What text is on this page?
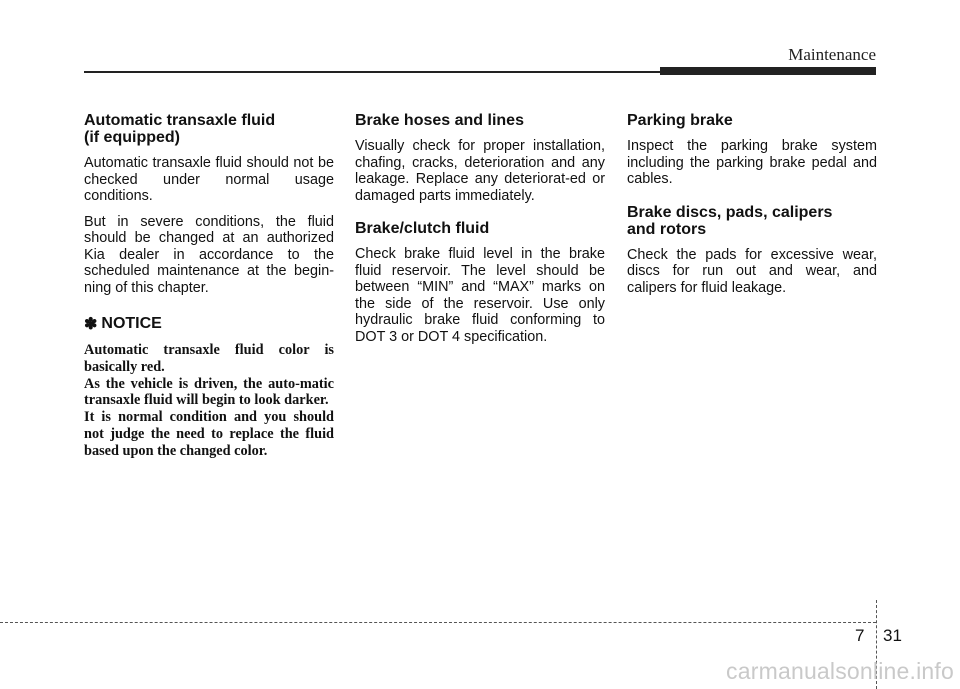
Maintenance
Automatic transaxle fluid
(if equipped)

Automatic transaxle fluid should not be checked under normal usage conditions.

But in severe conditions, the fluid should be changed at an authorized Kia dealer in accordance to the scheduled maintenance at the begin-ning of this chapter.

✽ NOTICE

Automatic transaxle fluid color is basically red.
As the vehicle is driven, the auto-matic transaxle fluid will begin to look darker.
It is normal condition and you should not judge the need to replace the fluid based upon the changed color.

Brake hoses and lines

Visually check for proper installation, chafing, cracks, deterioration and any leakage. Replace any deteriorat-ed or damaged parts immediately.

Brake/clutch fluid

Check brake fluid level in the brake fluid reservoir. The level should be between “MIN” and “MAX” marks on the side of the reservoir. Use only hydraulic brake fluid conforming to DOT 3 or DOT 4 specification.

Parking brake

Inspect the parking brake system including the parking brake pedal and cables.

Brake discs, pads, calipers
and rotors

Check the pads for excessive wear, discs for run out and wear, and calipers for fluid leakage.

7 31
carmanualsonline.info
